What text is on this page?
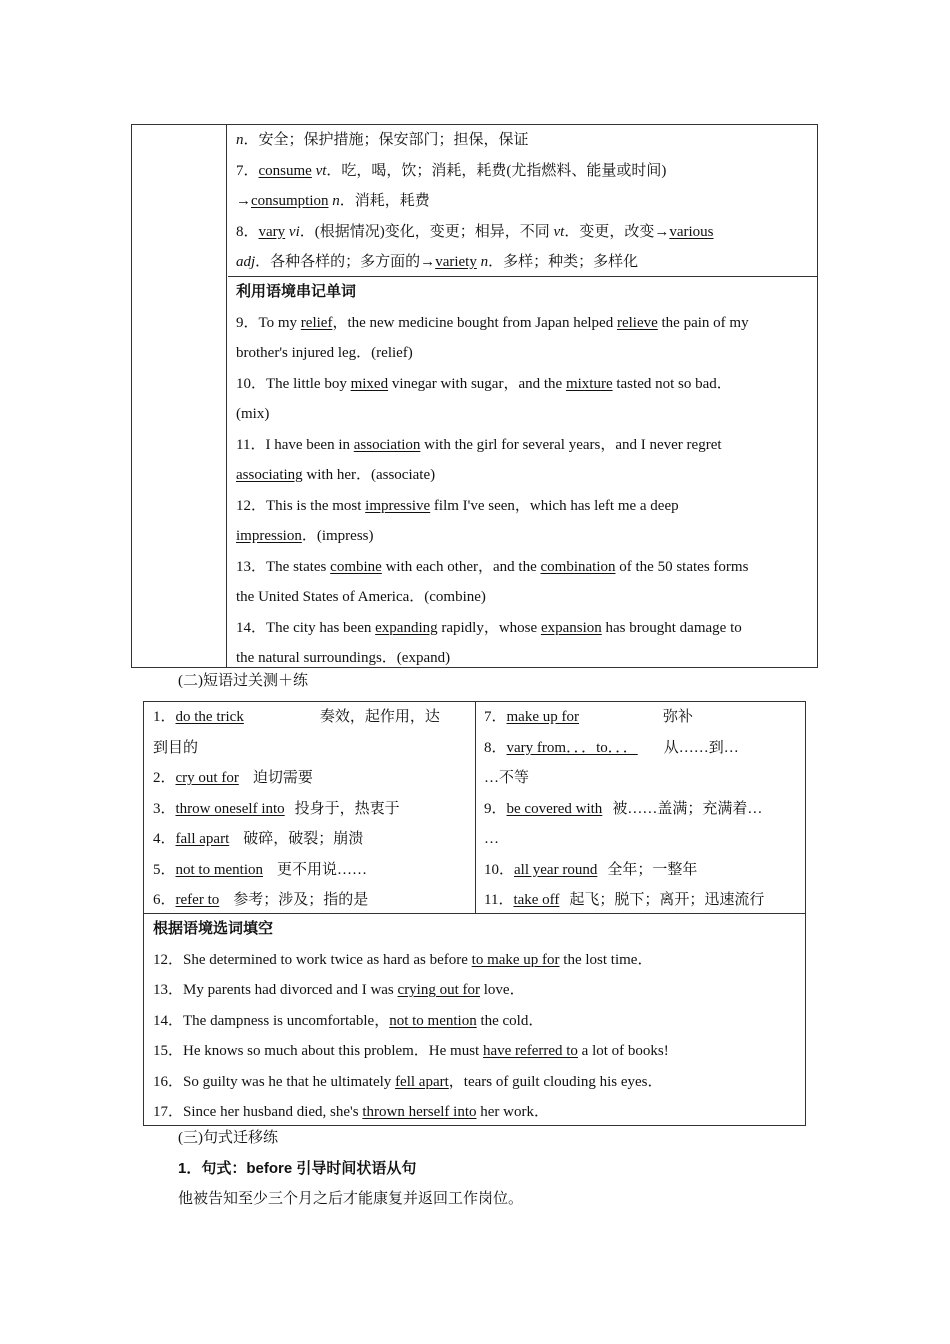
n．安全；保护措施；保安部门；担保，保证
7．consume vt．吃，喝，饮；消耗，耗费(尤指燃料、能量或时间)
→consumption n．消耗，耗费
8．vary vi．(根据情况)变化，变更；相异，不同 vt．变更，改变→various
adj．各种各样的；多方面的→variety n．多样；种类；多样化
利用语境串记单词
9．To my relief，the new medicine bought from Japan helped relieve the pain of my
brother's injured leg．(relief)
10．The little boy mixed vinegar with sugar，and the mixture tasted not so bad．
(mix)
11．I have been in association with the girl for several years，and I never regret
associating with her．(associate)
12．This is the most impressive film I've seen，which has left me a deep
impression．(impress)
13．The states combine with each other，and the combination of the 50 states forms
the United States of America．(combine)
14．The city has been expanding rapidly，whose expansion has brought damage to
the natural surroundings．(expand)
(二)短语过关测＋练
1．do the trick	奏效，起作用，达
到目的
2．cry out for 迫切需要
3．throw oneself into 投身于，热衷于
4．fall apart 破碎，破裂；崩溃
5．not to mention 更不用说……
6．refer to 参考；涉及；指的是
7．make up for	弥补
8．vary from．．．to．．． 从……到…
…不等
9．be covered with 被……盖满；充满着…
…
10．all year round 全年；一整年
11．take off 起飞；脱下；离开；迅速流行
根据语境选词填空
12．She determined to work twice as hard as before to make up for the lost time．
13．My parents had divorced and I was crying out for love．
14．The dampness is uncomfortable，not to mention the cold．
15．He knows so much about this problem．He must have referred to a lot of books!
16．So guilty was he that he ultimately fell apart，tears of guilt clouding his eyes．
17．Since her husband died, she's thrown herself into her work．
(三)句式迁移练
1．句式：before 引导时间状语从句
他被告知至少三个月之后才能康复并返回工作岗位。
